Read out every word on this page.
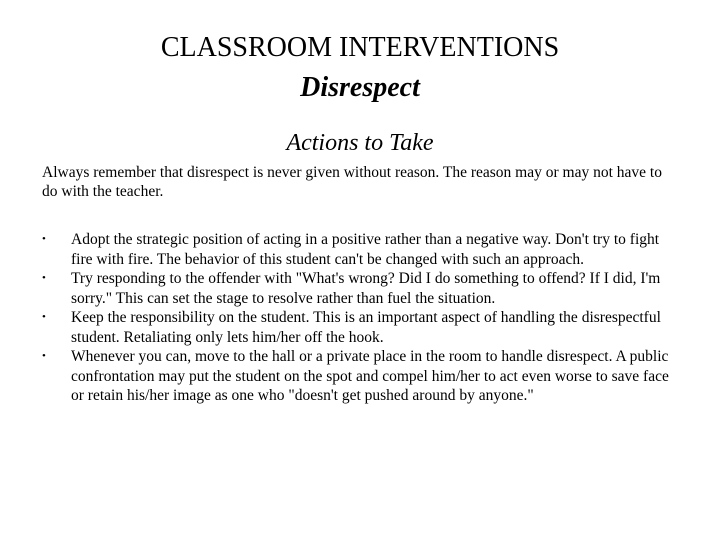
CLASSROOM INTERVENTIONS
Disrespect
Actions to Take

Always remember that disrespect is never given without reason. The reason may or may not have to do with the teacher.

•	Adopt the strategic position of acting in a positive rather than a negative way. Don't try to fight fire with fire. The behavior of this student can't be changed with such an approach.
•	Try responding to the offender with "What's wrong? Did I do something to offend? If I did, I'm sorry." This can set the stage to resolve rather than fuel the situation.
•	Keep the responsibility on the student. This is an important aspect of handling the disrespectful student. Retaliating only lets him/her off the hook.
•	Whenever you can, move to the hall or a private place in the room to handle disrespect. A public confrontation may put the student on the spot and compel him/her to act even worse to save face or retain his/her image as one who "doesn't get pushed around by anyone."
